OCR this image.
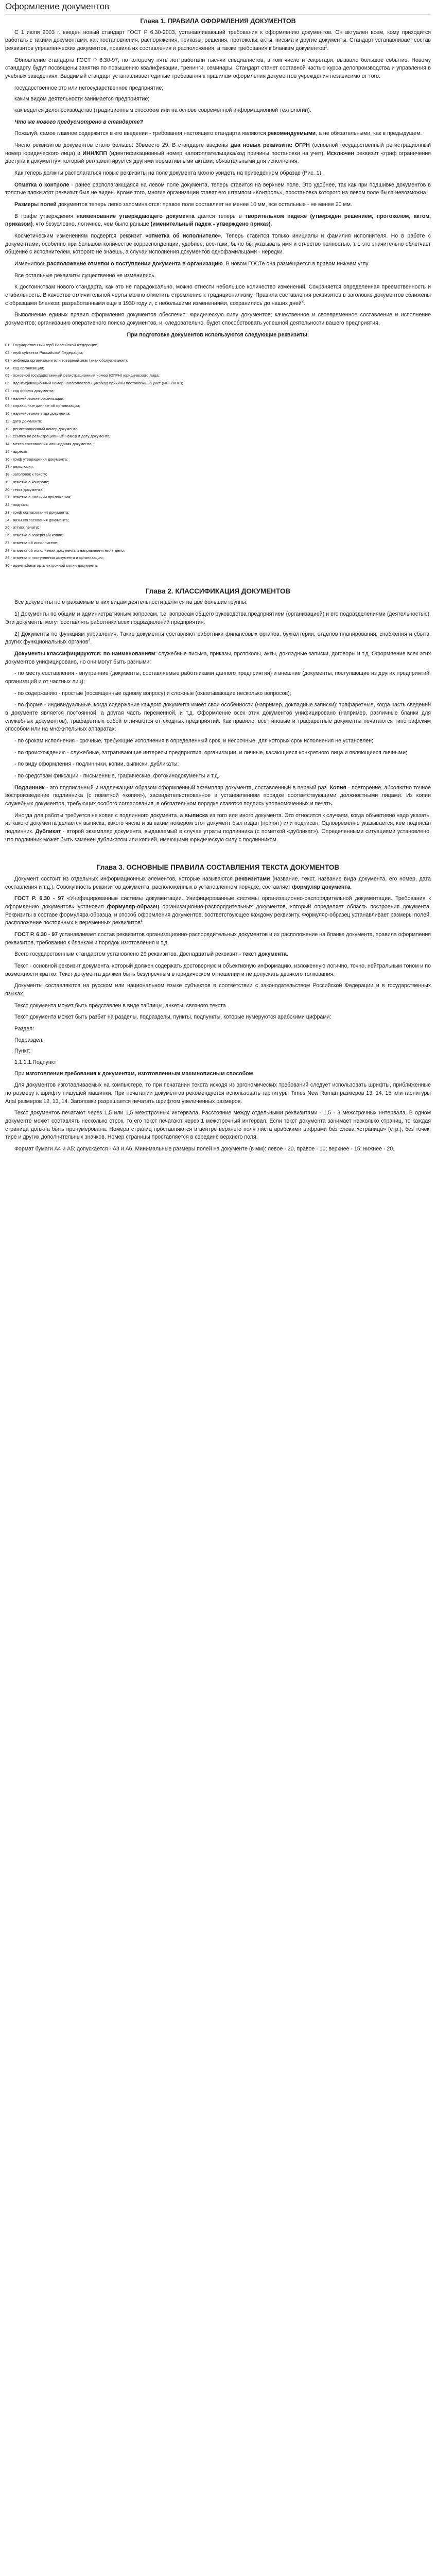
Оформление документов
Глава 1. ПРАВИЛА ОФОРМЛЕНИЯ ДОКУМЕНТОВ

С 1 июля 2003 г. введен новый стандарт ГОСТ Р 6.30-2003, устанавливающий требования к оформлению документов. Он актуален всем, кому приходится работать с такими документами, как постановления, распоряжения, приказы, решения, протоколы, акты, письма и другие документы. Стандарт устанавливает состав реквизитов управленческих документов, правила их составления и расположения, а также требования к бланкам документов$^1$.

Обновление стандарта ГОСТ Р 6.30-97, по которому пять лет работали тысячи специалистов, в том числе и секретари, вызвало большое событие. Новому стандарту будут посвящены занятия по повышению квалификации, тренинги, семинары. Стандарт станет составной частью курса делопроизводства и управления в учебных заведениях. Вводимый стандарт устанавливает единые требования к правилам оформления документов учреждения независимо от того:

государственное это или негосударственное предприятие;
каким видом деятельности занимается предприятие;
как ведется делопроизводство (традиционным способом или на основе современной информационной технологии).

Что же нового предусмотрено в стандарте?

Пожалуй, самое главное содержится в его введении - требования настоящего стандарта являются рекомендуемыми, а не обязательными, как в предыдущем.

Число реквизитов документов стало больше: 30вместо 29. В стандарте введены два новых реквизита: ОГРН (основной государственный регистрационный номер юридического лица) и ИНН/КПП (идентификационный номер налогоплательщика/код причины постановки на учет). Исключен реквизит «гриф ограничения доступа к документу», который регламентируется другими нормативными актами, обязательными для исполнения.

Как теперь должны располагаться новые реквизиты на поле документа можно увидеть на приведенном образце (Рис. 1).

Отметка о контроле - ранее располагающаяся на левом поле документа, теперь ставится на верхнем поле. Это удобнее, так как при подшивке документов в толстые папки этот реквизит был не виден. Кроме того, многие организации ставят его штампом «Контроль», простановка которого на левом поле была невозможна.

Размеры полей документов теперь легко запоминаются: правое поле составляет не менее 10 мм, все остальные - не менее 20 мм.

В графе утверждения наименование утверждающего документа дается теперь в творительном падеже (утвержден решением, протоколом, актом, приказом), что безусловно, логичнее, чем было раньше (именительный падеж - утверждено приказ).

Косметическим изменениям подвергся реквизит «отметка об исполнителе». Теперь ставится только инициалы и фамилия исполнителя. Но в работе с документами, особенно при большом количестве корреспонденции, удобнее, все-таки, было бы указывать имя и отчество полностью, т.к. это значительно облегчает общение с исполнителем, которого не знаешь, а случаи исполнения документов однофамильцами - нередки.

Изменилось расположение отметки о поступлении документа в организацию. В новом ГОСТе она размещается в правом нижнем углу.

Все остальные реквизиты существенно не изменились.

К достоинствам нового стандарта, как это не парадоксально, можно отнести небольшое количество изменений. Сохраняется определенная преемственность и стабильность. В качестве отличительной черты можно отметить стремление к традиционализму. Правила составления реквизитов в заголовке документов сближены с образцами бланков, разработанными еще в 1930 году и, с небольшими изменениями, сохранились до наших дней$^2$.

Выполнение единых правил оформления документов обеспечит: юридическую силу документов; качественное и своевременное составление и исполнение документов; организацию оперативного поиска документов, и, следовательно, будет способствовать успешной деятельности вашего предприятия.

При подготовке документов используются следующие реквизиты:

01 - Государственный герб Российской Федерации;
02 - герб субъекта Российской Федерации;
03 - эмблема организации или товарный знак (знак обслуживания);
04 - код организации;
05 - основной государственный регистрационный номер (ОГРН) юридического лица;
06 - идентификационный номер налогоплательщика/код причины постановки на учет (ИНН/КПП);
07 - код формы документа;
08 - наименование организации;
09 - справочные данные об организации;
10 - наименование вида документа;
11 - дата документа;
12 - регистрационный номер документа;
13 - ссылка на регистрационный номер и дату документа;
14 - место составления или издания документа;
15 - адресат;
16 - гриф утверждения документа;
17 - резолюция;
18 - заголовок к тексту;
19 - отметка о контроле;
20 - текст документа;
21 - отметка о наличии приложения;
22 - подпись;
23 - гриф согласования документа;
24 - визы согласования документа;
25 - оттиск печати;
26 - отметка о заверении копии;
27 - отметка об исполнителе;
28 - отметка об исполнении документа и направлении его в дело;
29 - отметка о поступлении документа в организацию;
30 - идентификатор электронной копии документа.
Глава 2. КЛАССИФИКАЦИЯ ДОКУМЕНТОВ

Все документы по отражаемым в них видам деятельности делятся на две большие группы:

1) Документы по общим и административным вопросам, т.е. вопросам общего руководства предприятием (организацией) и его подразделениями (деятельностью). Эти документы могут составлять работники всех подразделений предприятия.

2) Документы по функциям управления. Такие документы составляют работники финансовых органов, бухгалтерии, отделов планирования, снабжения и сбыта, других функциональных органов$^3$.

Документы классифицируются: по наименованиям: служебные письма, приказы, протоколы, акты, докладные записки, договоры и т.д. Оформление всех этих документов унифицировано, но они могут быть разными:

- по месту составления - внутренние (документы, составляемые работниками данного предприятия) и внешние (документы, поступающие из других предприятий, организаций и от частных лиц);

- по содержанию - простые (посвященные одному вопросу) и сложные (охватывающие несколько вопросов);

- по форме - индивидуальные, когда содержание каждого документа имеет свои особенности (например, докладные записки); трафаретные, когда часть сведений в документе является постоянной, а другая часть переменной, и т.д. Оформление всех этих документов унифицировано (например, различные бланки для служебных документов), трафаретных собой отличаются от сходных предприятий. Как правило, все типовые и трафаретные документы печатаются типографским способом или на множительных аппаратах;

- по срокам исполнения - срочные, требующие исполнения в определенный срок, и несрочные, для которых срок исполнения не установлен;

- по происхождению - служебные, затрагивающие интересы предприятия, организации, и личные, касающиеся конкретного лица и являющиеся личными;

- по виду оформления - подлинники, копии, выписки, дубликаты;

- по средствам фиксации - письменные, графические, фотокинодокументы и т.д.

Подлинник - это подписанный и надлежащим образом оформленный экземпляр документа, составленный в первый раз. Копия - повторение, абсолютно точное воспроизведение подлинника (с пометкой «копия»), засвидетельствованное в установленном порядке соответствующими должностными лицами. Из копии служебных документов, требующих особого согласования, в обязательном порядке ставятся подпись уполномоченных и печать.

Иногда для работы требуется не копия с подлинного документа, а выписка из того или иного документа. Это относится к случаям, когда объективно надо указать, из какого документа делается выписка, какого числа и за каким номером этот документ был издан (принят) или подписан. Одновременно указывается, кем подписан подлинник. Дубликат - второй экземпляр документа, выдаваемый в случае утраты подлинника (с пометкой «дубликат»). Определенными ситуациями установлено, что подлинник может быть заменен дубликатом или копией, имеющими юридическую силу с подлинником.

Глава 3. ОСНОВНЫЕ ПРАВИЛА СОСТАВЛЕНИЯ ТЕКСТА ДОКУМЕНТОВ

Документ состоит из отдельных информационных элементов, которые называются реквизитами (название, текст, название вида документа, его номер, дата составления и т.д.). Совокупность реквизитов документа, расположенных в установленном порядке, составляет формуляр документа.

ГОСТ Р. 6.30 - 97 «Унифицированные системы документации. Унифицированные системы организационно-распорядительной документации. Требования к оформлению документов» установил формуляр-образец организационно-распорядительных документов, который определяет область построения документа. Реквизиты в составе формуляра-образца, и способ оформления документов, соответствующее каждому реквизиту. Формуляр-образец устанавливает размеры полей, расположение постоянных и переменных реквизитов$^4$.

ГОСТ Р. 6.30 - 97 устанавливает состав реквизитов организационно-распорядительных документов и их расположение на бланке документа, правила оформления реквизитов, требования к бланкам и порядок изготовления и т.д.

Всего государственным стандартом установлено 29 реквизитов. Двенадцатый реквизит - текст документа.

Текст - основной реквизит документа, который должен содержать достоверную и объективную информацию, изложенную логично, точно, нейтральным тоном и по возможности кратко. Текст документа должен быть безупречным в юридическом отношении и не допускать двоякого толкования.

Документы составляются на русском или национальном языке субъектов в соответствии с законодательством Российской Федерации и в государственных языках.

Текст документа может быть представлен в виде таблицы, анкеты, связного текста.

Текст документа может быть разбит на разделы, подразделы, пункты, подпункты, которые нумеруются арабскими цифрами:

Раздел:

Подраздел:

Пункт:

1.1.1.1.Подпункт

При изготовлении требования к документам, изготовленным машинописным способом

Для документов изготавливаемых на компьютере, то при печатании текста исходя из эргономических требований следует использовать шрифты, приближенные по размеру к шрифту пишущей машинки. При печатании документов рекомендуется использовать гарнитуры Times New Roman размеров 13, 14, 15 или гарнитуры Arial размеров 12, 13, 14. Заголовки разрешается печатать шрифтом увеличенных размеров.

Текст документов печатают через 1,5 или 1,5 межстрочных интервала. Расстояние между отдельными реквизитами - 1,5 - 3 межстрочных интервала. В одном документе может составлять несколько строк, то его текст печатают через 1 межстрочный интервал. Если текст документа занимает несколько страниц, то каждая страница должна быть пронумерована. Номера страниц проставляются в центре верхнего поля листа арабскими цифрами без слова «страница» (стр.), без точек, тире и других дополнительных значков. Номер страницы проставляется в середине верхнего поля.

Формат бумаги А4 и А5; допускается - А3 и А6. Минимальные размеры полей на документе (в мм): левое - 20, правое - 10; верхнее - 15; нижнее - 20.
